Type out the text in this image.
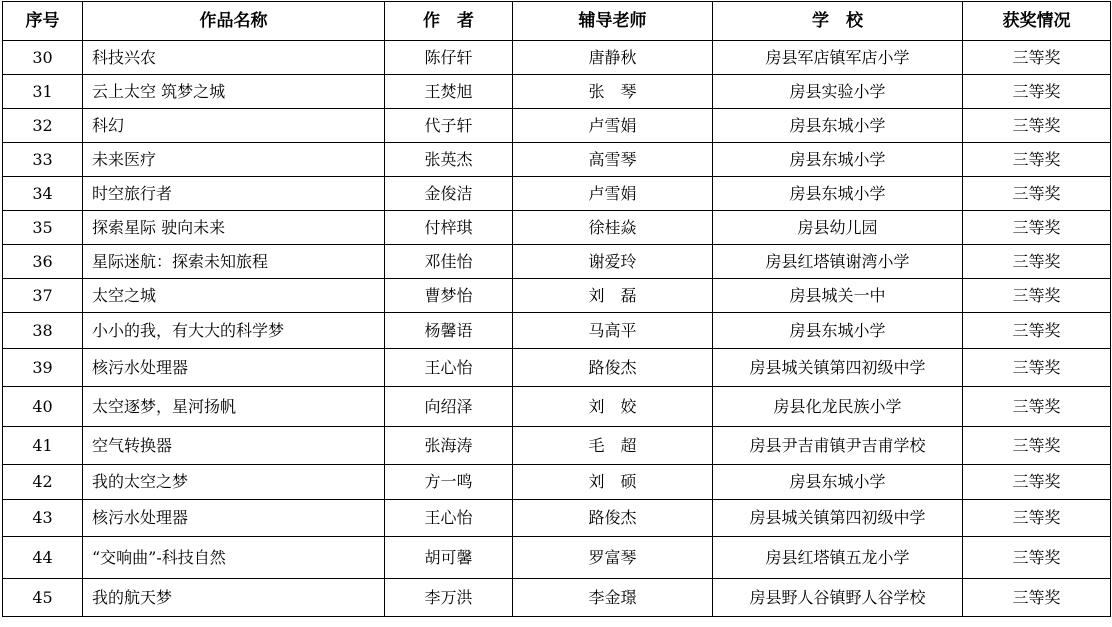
序号	作品名称	作　者	辅导老师	学　校	获奖情况
30	科技兴农	陈仔轩	唐静秋	房县军店镇军店小学	三等奖
31	云上太空 筑梦之城	王焚旭	张　琴	房县实验小学	三等奖
32	科幻	代子轩	卢雪娟	房县东城小学	三等奖
33	未来医疗	张英杰	高雪琴	房县东城小学	三等奖
34	时空旅行者	金俊洁	卢雪娟	房县东城小学	三等奖
35	探索星际 驶向未来	付梓琪	徐桂焱	房县幼儿园	三等奖
36	星际迷航：探索未知旅程	邓佳怡	谢爱玲	房县红塔镇谢湾小学	三等奖
37	太空之城	曹梦怡	刘　磊	房县城关一中	三等奖
38	小小的我，有大大的科学梦	杨馨语	马高平	房县东城小学	三等奖
39	核污水处理器	王心怡	路俊杰	房县城关镇第四初级中学	三等奖
40	太空逐梦，星河扬帆	向绍泽	刘　姣	房县化龙民族小学	三等奖
41	空气转换器	张海涛	毛　超	房县尹吉甫镇尹吉甫学校	三等奖
42	我的太空之梦	方一鸣	刘　硕	房县东城小学	三等奖
43	核污水处理器	王心怡	路俊杰	房县城关镇第四初级中学	三等奖
44	“交响曲”-科技自然	胡可馨	罗富琴	房县红塔镇五龙小学	三等奖
45	我的航天梦	李万洪	李金璟	房县野人谷镇野人谷学校	三等奖
